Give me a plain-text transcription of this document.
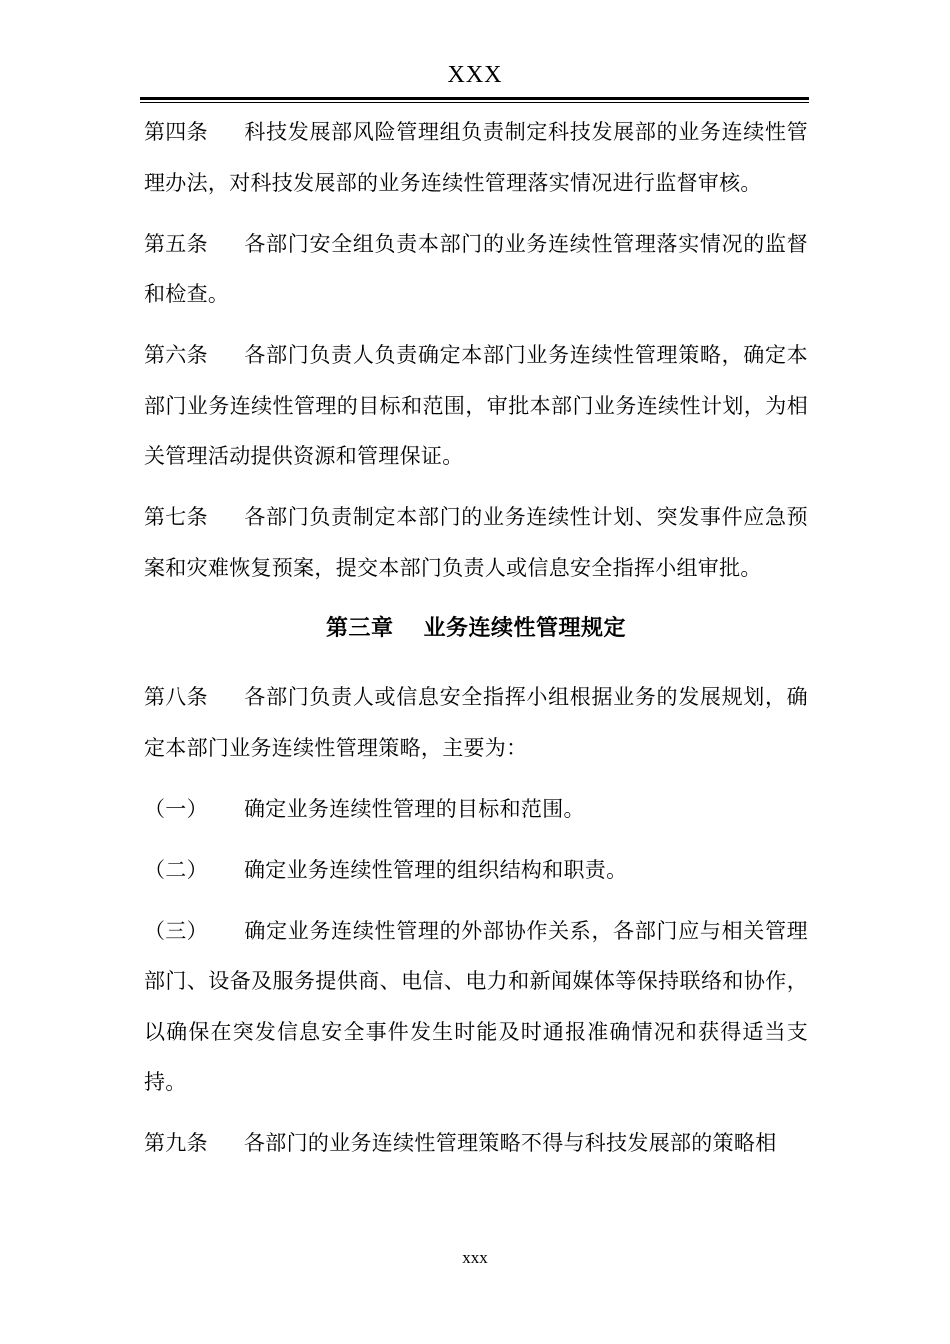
XXX

第四条 科技发展部风险管理组负责制定科技发展部的业务连续性管理办法，对科技发展部的业务连续性管理落实情况进行监督审核。

第五条 各部门安全组负责本部门的业务连续性管理落实情况的监督和检查。

第六条 各部门负责人负责确定本部门业务连续性管理策略，确定本部门业务连续性管理的目标和范围，审批本部门业务连续性计划，为相关管理活动提供资源和管理保证。

第七条 各部门负责制定本部门的业务连续性计划、突发事件应急预案和灾难恢复预案，提交本部门负责人或信息安全指挥小组审批。

第三章 业务连续性管理规定

第八条 各部门负责人或信息安全指挥小组根据业务的发展规划，确定本部门业务连续性管理策略，主要为：

（一） 确定业务连续性管理的目标和范围。

（二） 确定业务连续性管理的组织结构和职责。

（三） 确定业务连续性管理的外部协作关系，各部门应与相关管理部门、设备及服务提供商、电信、电力和新闻媒体等保持联络和协作，以确保在突发信息安全事件发生时能及时通报准确情况和获得适当支持。

第九条 各部门的业务连续性管理策略不得与科技发展部的策略相

xxx
